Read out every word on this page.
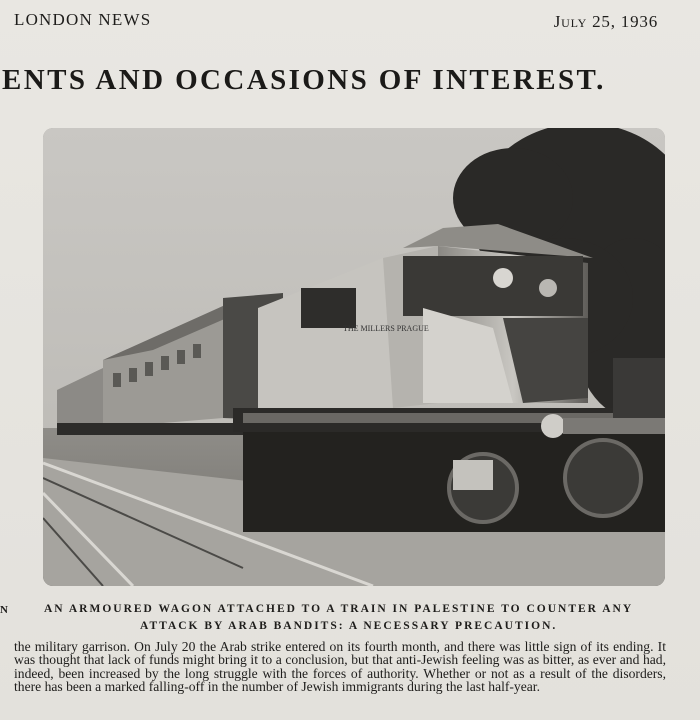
LONDON NEWS	July 25, 1936
ENTS AND OCCASIONS OF INTEREST.
THE MILLERS PRAGUE
N	AN ARMOURED WAGON ATTACHED TO A TRAIN IN PALESTINE TO COUNTER ANY
ATTACK BY ARAB BANDITS: A NECESSARY PRECAUTION.

the military garrison. On July 20 the Arab strike entered on its fourth month, and there was little sign of its ending. It was thought that lack of funds might bring it to a conclusion, but that anti-Jewish feeling was as bitter, as ever and had, indeed, been increased by the long struggle with the forces of authority. Whether or not as a result of the disorders, there has been a marked falling-off in the number of Jewish immigrants during the last half-year.
